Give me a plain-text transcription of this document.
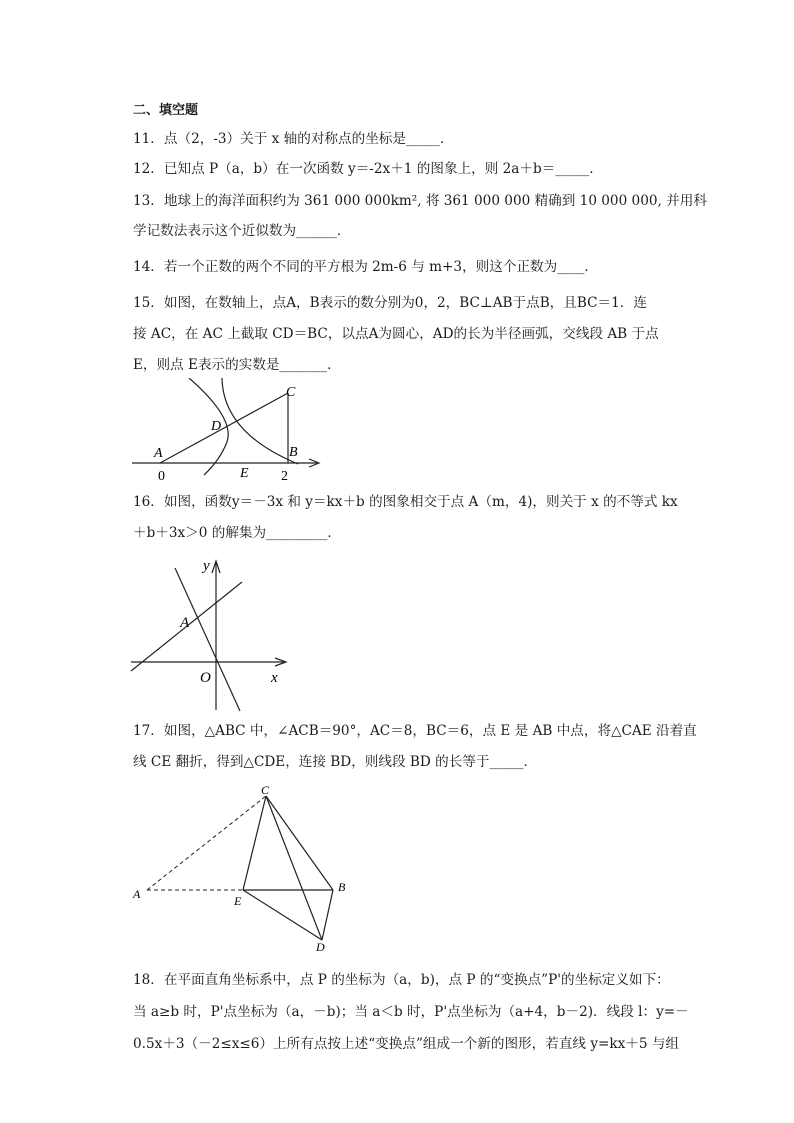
二、填空题
11．点（2，-3）关于 x 轴的对称点的坐标是_____．
12．已知点 P（a，b）在一次函数 y＝-2x＋1 的图象上，则 2a＋b＝_____．
13．地球上的海洋面积约为 361 000 000km², 将 361 000 000 精确到 10 000 000, 并用科
学记数法表示这个近似数为______．
14．若一个正数的两个不同的平方根为 2m-6 与 m+3，则这个正数为____．
15．如图，在数轴上，点A，B表示的数分别为0，2，BC⊥AB于点B，且BC＝1．连
接 AC，在 AC 上截取 CD＝BC，以点A为圆心，AD的长为半径画弧，交线段 AB 于点
E，则点 E表示的实数是_______．
A
0
C
B
2
D
E
16．如图，函数y＝－3x 和 y＝kx＋b 的图象相交于点 A（m，4)，则关于 x 的不等式 kx
＋b＋3x＞0 的解集为_________．
y
x
O
A
17．如图，△ABC 中，∠ACB＝90°，AC＝8，BC＝6，点 E 是 AB 中点，将△CAE 沿着直
线 CE 翻折，得到△CDE，连接 BD，则线段 BD 的长等于_____．
C
A	E
B
D
18．在平面直角坐标系中，点 P 的坐标为（a，b)，点 P 的“变换点”P'的坐标定义如下：
当 a≥b 时，P'点坐标为（a，－b)；当 a＜b 时，P'点坐标为（a+4，b－2)．线段 l：y=－
0.5x＋3（－2≤x≤6）上所有点按上述“变换点”组成一个新的图形，若直线 y=kx＋5 与组
